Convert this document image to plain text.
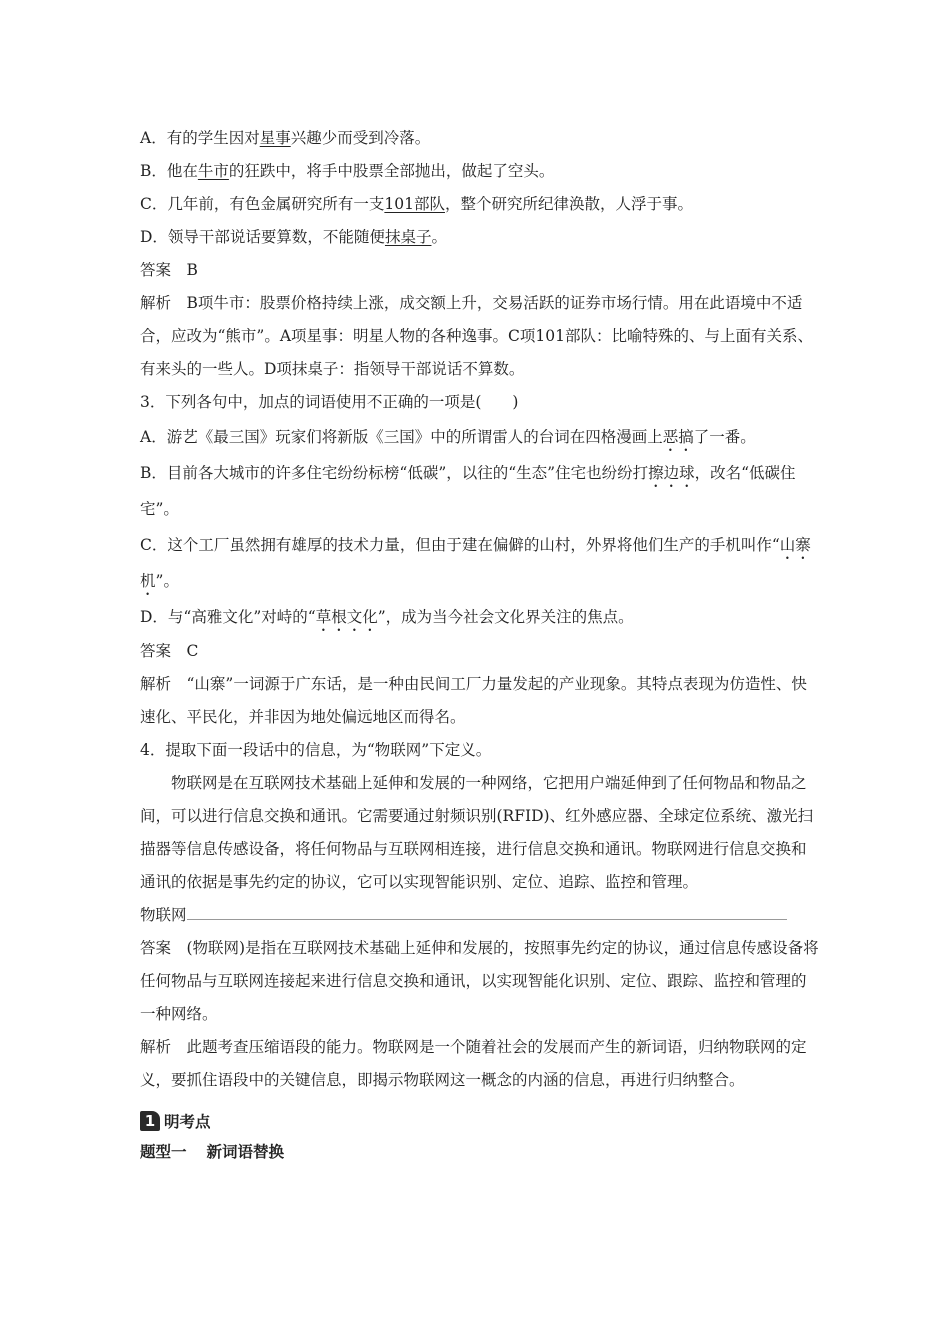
A．有的学生因对星事兴趣少而受到冷落。
B．他在牛市的狂跌中，将手中股票全部抛出，做起了空头。
C．几年前，有色金属研究所有一支101部队，整个研究所纪律涣散，人浮于事。
D．领导干部说话要算数，不能随便抹桌子。
答案　B
解析　B项牛市：股票价格持续上涨，成交额上升，交易活跃的证券市场行情。用在此语境中不适合，应改为“熊市”。A项星事：明星人物的各种逸事。C项101部队：比喻特殊的、与上面有关系、有来头的一些人。D项抹桌子：指领导干部说话不算数。
3．下列各句中，加点的词语使用不正确的一项是(　　)
A．游艺《最三国》玩家们将新版《三国》中的所谓雷人的台词在四格漫画上恶搞了一番。
B．目前各大城市的许多住宅纷纷标榜“低碳”，以往的“生态”住宅也纷纷打擦边球，改名“低碳住宅”。
C．这个工厂虽然拥有雄厚的技术力量，但由于建在偏僻的山村，外界将他们生产的手机叫作“山寨机”。
D．与“高雅文化”对峙的“草根文化”，成为当今社会文化界关注的焦点。
答案　C
解析　“山寨”一词源于广东话，是一种由民间工厂力量发起的产业现象。其特点表现为仿造性、快速化、平民化，并非因为地处偏远地区而得名。
4．提取下面一段话中的信息，为“物联网”下定义。
物联网是在互联网技术基础上延伸和发展的一种网络，它把用户端延伸到了任何物品和物品之间，可以进行信息交换和通讯。它需要通过射频识别(RFID)、红外感应器、全球定位系统、激光扫描器等信息传感设备，将任何物品与互联网相连接，进行信息交换和通讯。物联网进行信息交换和通讯的依据是事先约定的协议，它可以实现智能识别、定位、追踪、监控和管理。
物联网
答案　(物联网)是指在互联网技术基础上延伸和发展的，按照事先约定的协议，通过信息传感设备将任何物品与互联网连接起来进行信息交换和通讯，以实现智能化识别、定位、跟踪、监控和管理的一种网络。
解析　此题考查压缩语段的能力。物联网是一个随着社会的发展而产生的新词语，归纳物联网的定义，要抓住语段中的关键信息，即揭示物联网这一概念的内涵的信息，再进行归纳整合。
1 明考点
题型一 新词语替换
